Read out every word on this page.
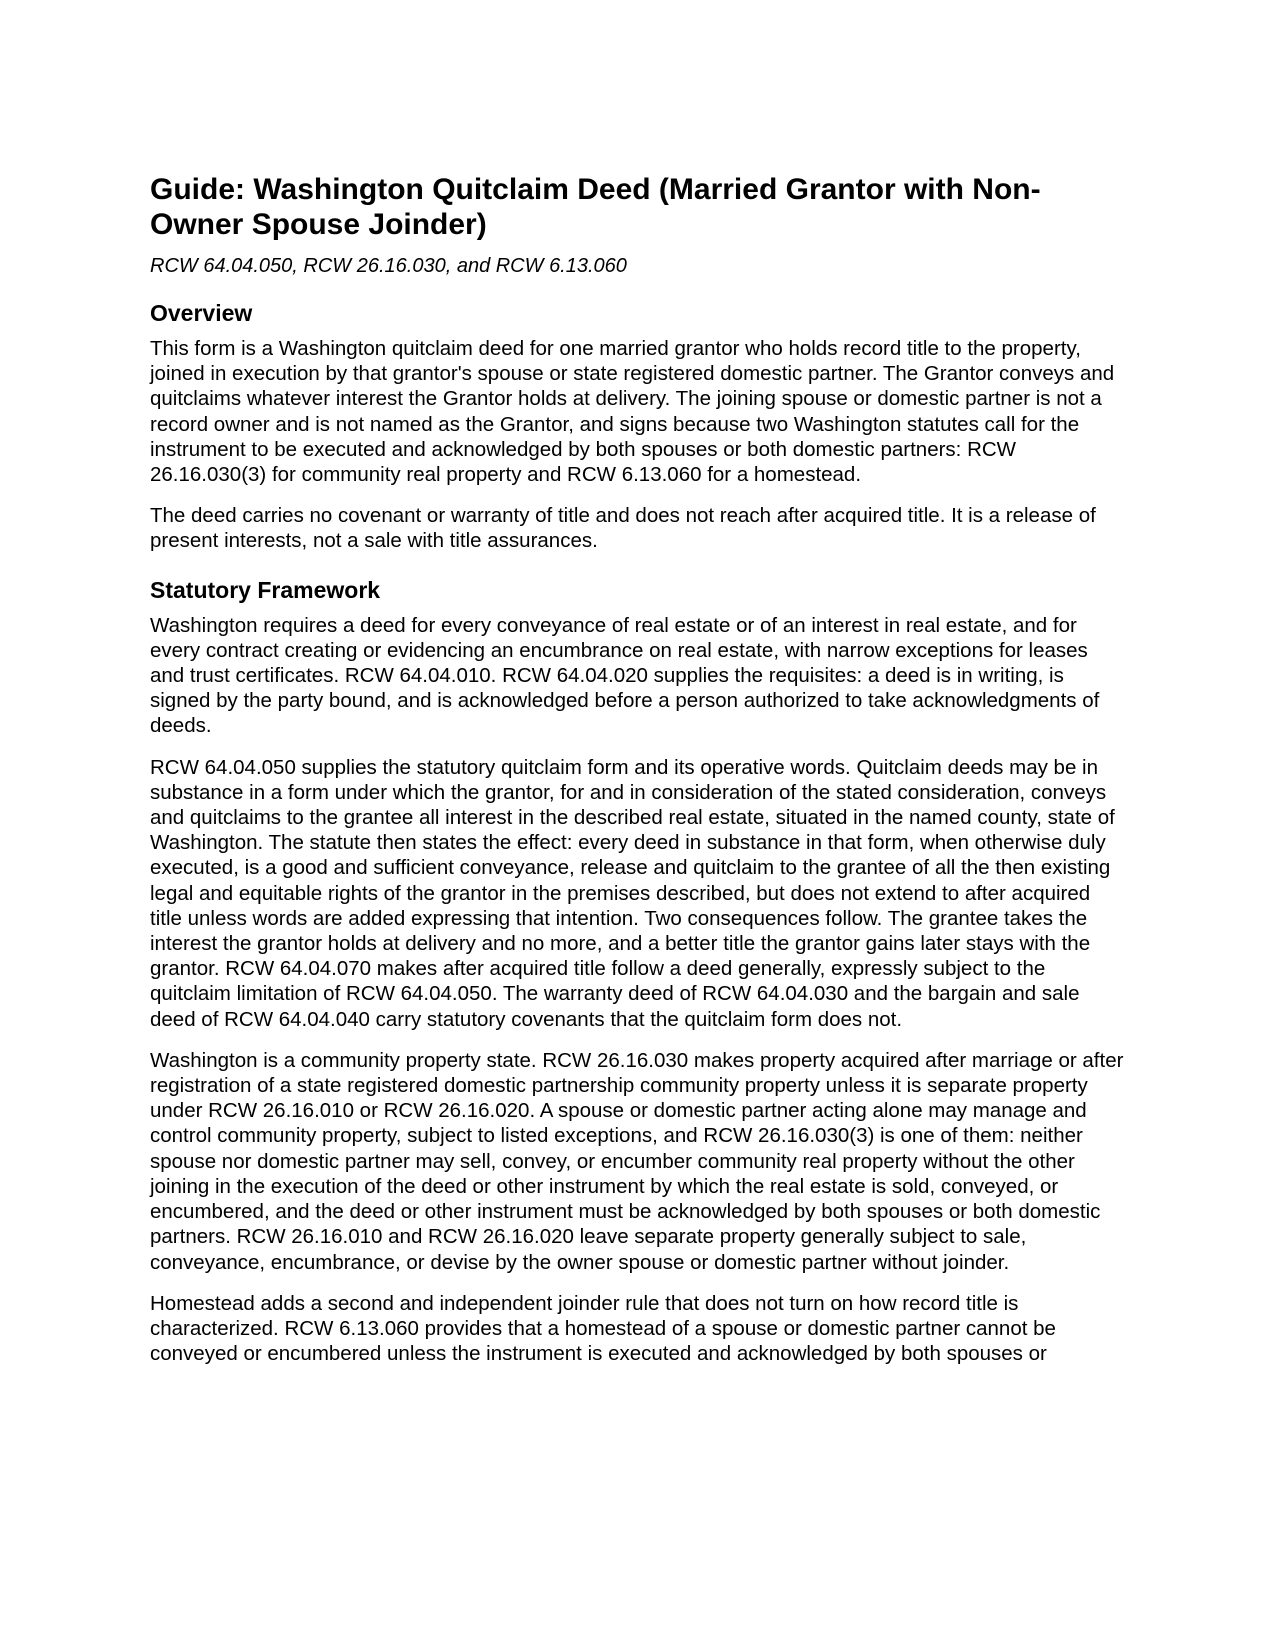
Guide: Washington Quitclaim Deed (Married Grantor with Non-Owner Spouse Joinder)
RCW 64.04.050, RCW 26.16.030, and RCW 6.13.060
Overview

This form is a Washington quitclaim deed for one married grantor who holds record title to the property, joined in execution by that grantor's spouse or state registered domestic partner. The Grantor conveys and quitclaims whatever interest the Grantor holds at delivery. The joining spouse or domestic partner is not a record owner and is not named as the Grantor, and signs because two Washington statutes call for the instrument to be executed and acknowledged by both spouses or both domestic partners: RCW 26.16.030(3) for community real property and RCW 6.13.060 for a homestead.

The deed carries no covenant or warranty of title and does not reach after acquired title. It is a release of present interests, not a sale with title assurances.

Statutory Framework

Washington requires a deed for every conveyance of real estate or of an interest in real estate, and for every contract creating or evidencing an encumbrance on real estate, with narrow exceptions for leases and trust certificates. RCW 64.04.010. RCW 64.04.020 supplies the requisites: a deed is in writing, is signed by the party bound, and is acknowledged before a person authorized to take acknowledgments of deeds.

RCW 64.04.050 supplies the statutory quitclaim form and its operative words. Quitclaim deeds may be in substance in a form under which the grantor, for and in consideration of the stated consideration, conveys and quitclaims to the grantee all interest in the described real estate, situated in the named county, state of Washington. The statute then states the effect: every deed in substance in that form, when otherwise duly executed, is a good and sufficient conveyance, release and quitclaim to the grantee of all the then existing legal and equitable rights of the grantor in the premises described, but does not extend to after acquired title unless words are added expressing that intention. Two consequences follow. The grantee takes the interest the grantor holds at delivery and no more, and a better title the grantor gains later stays with the grantor. RCW 64.04.070 makes after acquired title follow a deed generally, expressly subject to the quitclaim limitation of RCW 64.04.050. The warranty deed of RCW 64.04.030 and the bargain and sale deed of RCW 64.04.040 carry statutory covenants that the quitclaim form does not.

Washington is a community property state. RCW 26.16.030 makes property acquired after marriage or after registration of a state registered domestic partnership community property unless it is separate property under RCW 26.16.010 or RCW 26.16.020. A spouse or domestic partner acting alone may manage and control community property, subject to listed exceptions, and RCW 26.16.030(3) is one of them: neither spouse nor domestic partner may sell, convey, or encumber community real property without the other joining in the execution of the deed or other instrument by which the real estate is sold, conveyed, or encumbered, and the deed or other instrument must be acknowledged by both spouses or both domestic partners. RCW 26.16.010 and RCW 26.16.020 leave separate property generally subject to sale, conveyance, encumbrance, or devise by the owner spouse or domestic partner without joinder.

Homestead adds a second and independent joinder rule that does not turn on how record title is characterized. RCW 6.13.060 provides that a homestead of a spouse or domestic partner cannot be conveyed or encumbered unless the instrument is executed and acknowledged by both spouses or
